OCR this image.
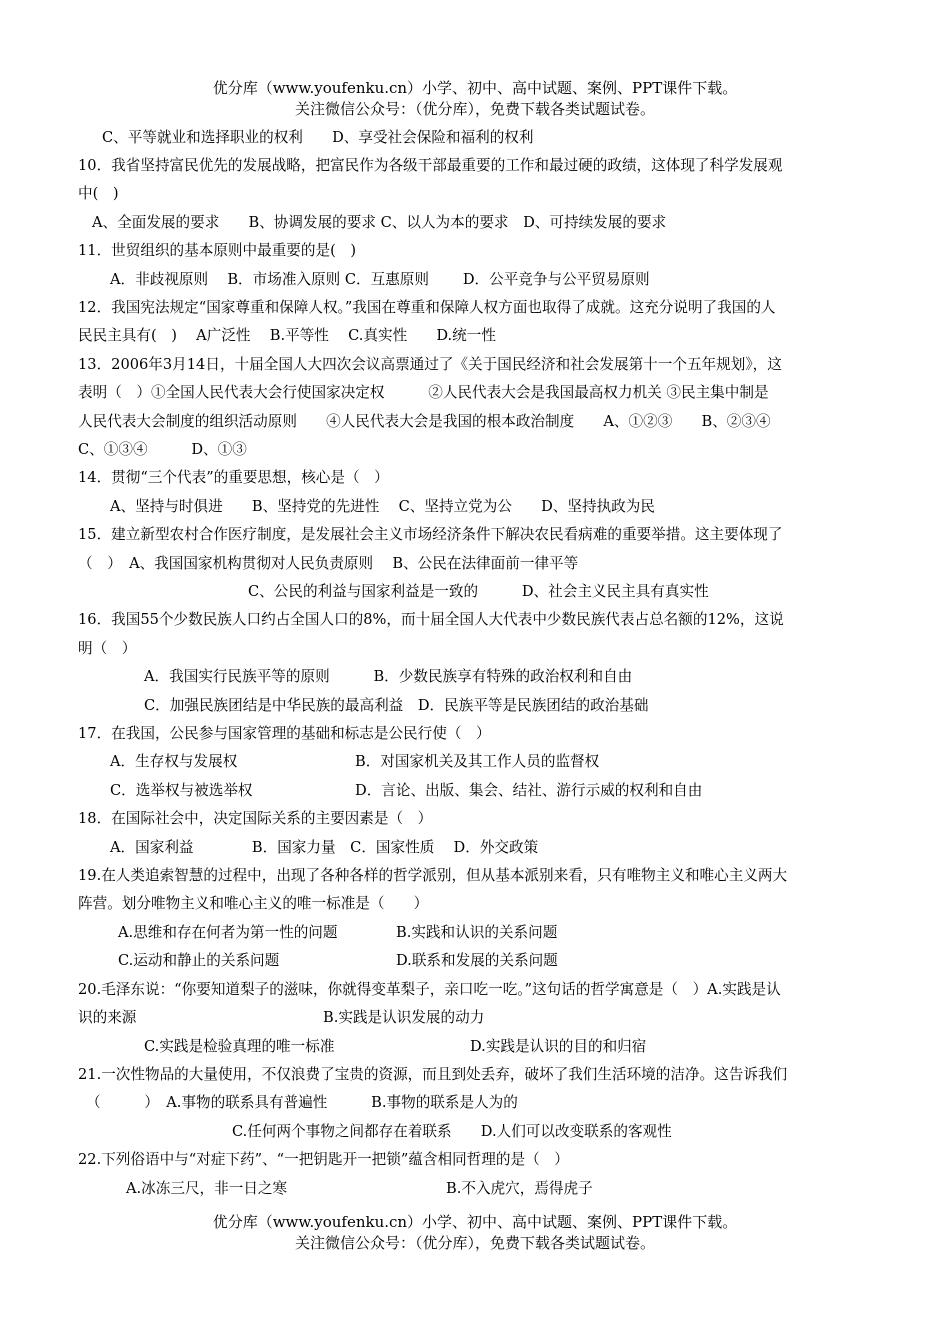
优分库（www.youfenku.cn）小学、初中、高中试题、案例、PPT课件下载。
关注微信公众号：（优分库），免费下载各类试题试卷。
C、平等就业和选择职业的权利　　D、享受社会保险和福利的权利
10．我省坚持富民优先的发展战略，把富民作为各级干部最重要的工作和最过硬的政绩，这体现了科学发展观
中(　)
A、全面发展的要求　　B、协调发展的要求 C、以人为本的要求　D、可持续发展的要求
11．世贸组织的基本原则中最重要的是(　)
A．非歧视原则　 B．市场准入原则 C．互惠原则　　 D．公平竞争与公平贸易原则
12．我国宪法规定“国家尊重和保障人权。”我国在尊重和保障人权方面也取得了成就。这充分说明了我国的人
民民主具有(　)　 A广泛性　 B.平等性　 C.真实性　　D.统一性
13．2006年3月14日，十届全国人大四次会议高票通过了《关于国民经济和社会发展第十一个五年规划》，这
表明（　）①全国人民代表大会行使国家决定权　　　②人民代表大会是我国最高权力机关 ③民主集中制是
人民代表大会制度的组织活动原则　　④人民代表大会是我国的根本政治制度　　A、①②③　　B、②③④
C、①③④　　　D、①③
14．贯彻“三个代表”的重要思想，核心是（　）
A、坚持与时俱进　　B、坚持党的先进性　 C、坚持立党为公　　D、坚持执政为民
15．建立新型农村合作医疗制度，是发展社会主义市场经济条件下解决农民看病难的重要举措。这主要体现了
（　）　A、我国国家机构贯彻对人民负责原则　 B、公民在法律面前一律平等
C、公民的利益与国家利益是一致的　　　D、社会主义民主具有真实性
16．我国55个少数民族人口约占全国人口的8%，而十届全国人大代表中少数民族代表占总名额的12%，这说
明（　）
A．我国实行民族平等的原则　　　B．少数民族享有特殊的政治权利和自由
C．加强民族团结是中华民族的最高利益　D．民族平等是民族团结的政治基础
17．在我国，公民参与国家管理的基础和标志是公民行使（　）
A．生存权与发展权	B．对国家机关及其工作人员的监督权
C．选举权与被选举权	D．言论、出版、集会、结社、游行示威的权利和自由
18．在国际社会中，决定国际关系的主要因素是（　）
A．国家利益　　　　B．国家力量　C．国家性质　 D．外交政策
19.在人类追索智慧的过程中，出现了各种各样的哲学派别，但从基本派别来看，只有唯物主义和唯心主义两大
阵营。划分唯物主义和唯心主义的唯一标准是（　　）
A.思维和存在何者为第一性的问题	B.实践和认识的关系问题
C.运动和静止的关系问题	D.联系和发展的关系问题
20.毛泽东说：“你要知道梨子的滋味，你就得变革梨子，亲口吃一吃。”这句话的哲学寓意是（　）A.实践是认
识的来源	B.实践是认识发展的动力
C.实践是检验真理的唯一标准	D.实践是认识的目的和归宿
21.一次性物品的大量使用，不仅浪费了宝贵的资源，而且到处丢弃，破坏了我们生活环境的洁净。这告诉我们
（　　　）　A.事物的联系具有普遍性　　　B.事物的联系是人为的
C.任何两个事物之间都存在着联系　　D.人们可以改变联系的客观性
22.下列俗语中与“对症下药”、“一把钥匙开一把锁”蕴含相同哲理的是（　）
A.冰冻三尺，非一日之寒	B.不入虎穴，焉得虎子
优分库（www.youfenku.cn）小学、初中、高中试题、案例、PPT课件下载。
关注微信公众号：（优分库），免费下载各类试题试卷。
